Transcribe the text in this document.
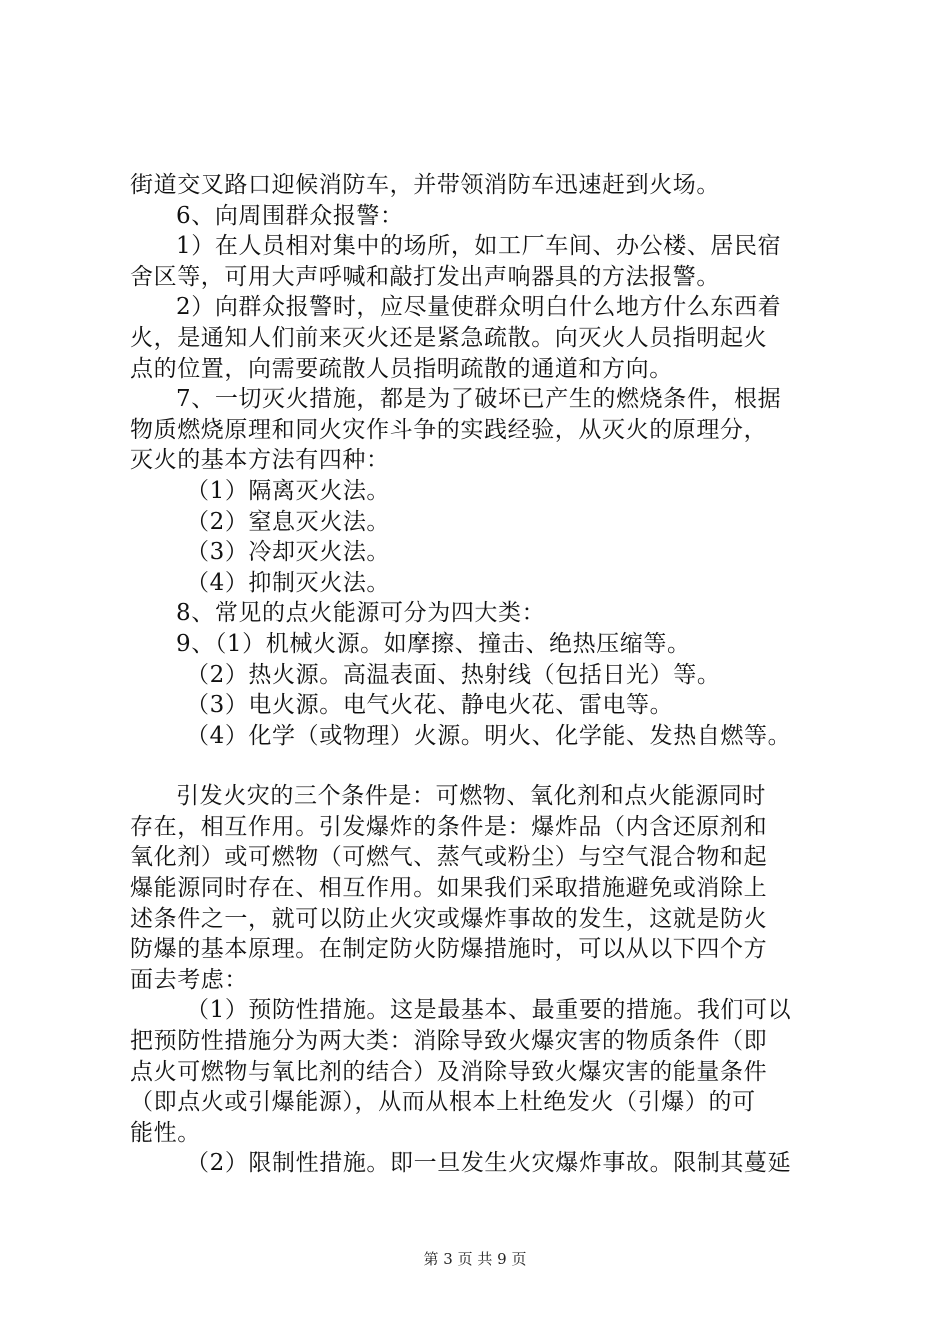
街道交叉路口迎候消防车，并带领消防车迅速赶到火场。
6、向周围群众报警：
1）在人员相对集中的场所，如工厂车间、办公楼、居民宿
舍区等，可用大声呼喊和敲打发出声响器具的方法报警。
2）向群众报警时，应尽量使群众明白什么地方什么东西着
火，是通知人们前来灭火还是紧急疏散。向灭火人员指明起火
点的位置，向需要疏散人员指明疏散的通道和方向。
7、一切灭火措施，都是为了破坏已产生的燃烧条件，根据
物质燃烧原理和同火灾作斗争的实践经验，从灭火的原理分，
灭火的基本方法有四种：
（1）隔离灭火法。
（2）窒息灭火法。
（3）冷却灭火法。
（4）抑制灭火法。
8、常见的点火能源可分为四大类：
9、（1）机械火源。如摩擦、撞击、绝热压缩等。
（2）热火源。高温表面、热射线（包括日光）等。
（3）电火源。电气火花、静电火花、雷电等。
（4）化学（或物理）火源。明火、化学能、发热自燃等。
引发火灾的三个条件是：可燃物、氧化剂和点火能源同时
存在，相互作用。引发爆炸的条件是：爆炸品（内含还原剂和
氧化剂）或可燃物（可燃气、蒸气或粉尘）与空气混合物和起
爆能源同时存在、相互作用。如果我们采取措施避免或消除上
述条件之一，就可以防止火灾或爆炸事故的发生，这就是防火
防爆的基本原理。在制定防火防爆措施时，可以从以下四个方
面去考虑：
（1）预防性措施。这是最基本、最重要的措施。我们可以
把预防性措施分为两大类：消除导致火爆灾害的物质条件（即
点火可燃物与氧比剂的结合）及消除导致火爆灾害的能量条件
（即点火或引爆能源），从而从根本上杜绝发火（引爆）的可
能性。
（2）限制性措施。即一旦发生火灾爆炸事故。限制其蔓延
第 3 页 共 9 页
